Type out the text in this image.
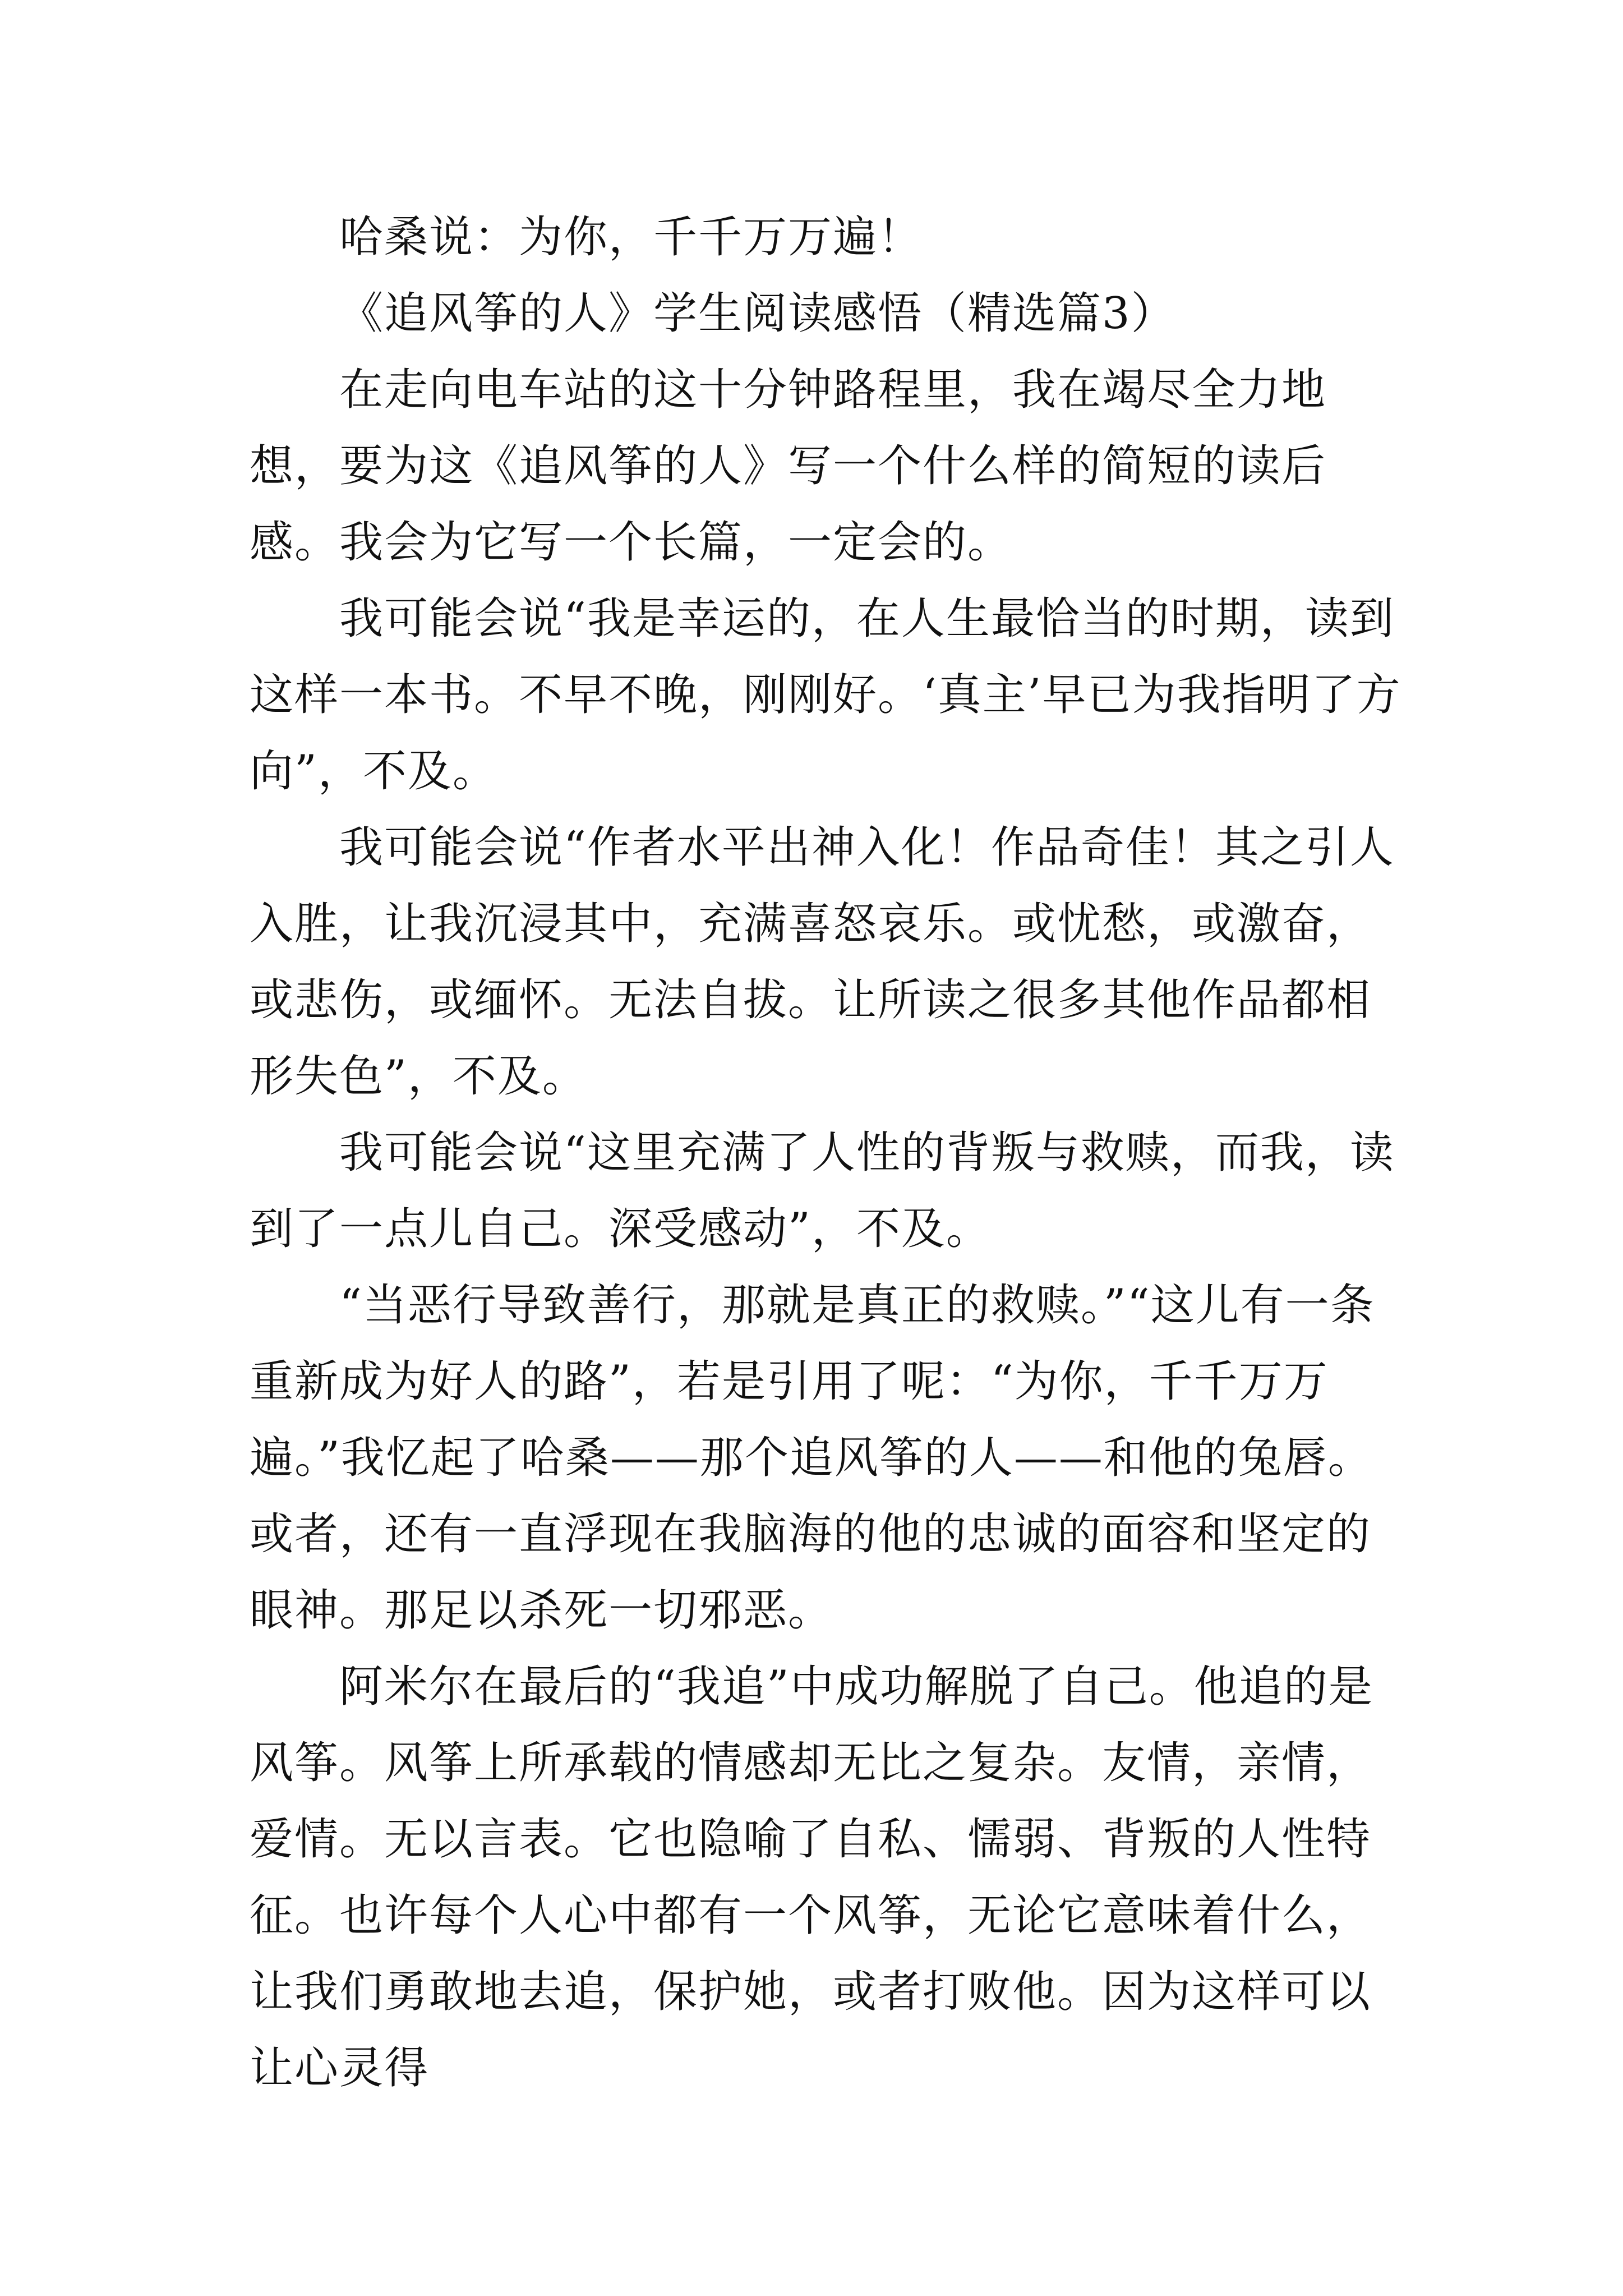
哈桑说：为你，千千万万遍！

《追风筝的人》学生阅读感悟（精选篇3）

在走向电车站的这十分钟路程里，我在竭尽全力地想，要为这《追风筝的人》写一个什么样的简短的读后感。我会为它写一个长篇，一定会的。

我可能会说“我是幸运的，在人生最恰当的时期，读到这样一本书。不早不晚，刚刚好。‘真主’早已为我指明了方向”，不及。

我可能会说“作者水平出神入化！作品奇佳！其之引人入胜，让我沉浸其中，充满喜怒哀乐。或忧愁，或激奋，或悲伤，或缅怀。无法自拔。让所读之很多其他作品都相形失色”，不及。

我可能会说“这里充满了人性的背叛与救赎，而我，读到了一点儿自己。深受感动”，不及。

“当恶行导致善行，那就是真正的救赎。”“这儿有一条重新成为好人的路”，若是引用了呢：“为你，千千万万遍。”我忆起了哈桑——那个追风筝的人——和他的兔唇。或者，还有一直浮现在我脑海的他的忠诚的面容和坚定的眼神。那足以杀死一切邪恶。

阿米尔在最后的“我追”中成功解脱了自己。他追的是风筝。风筝上所承载的情感却无比之复杂。友情，亲情，爱情。无以言表。它也隐喻了自私、懦弱、背叛的人性特征。也许每个人心中都有一个风筝，无论它意味着什么，让我们勇敢地去追，保护她，或者打败他。因为这样可以让心灵得
